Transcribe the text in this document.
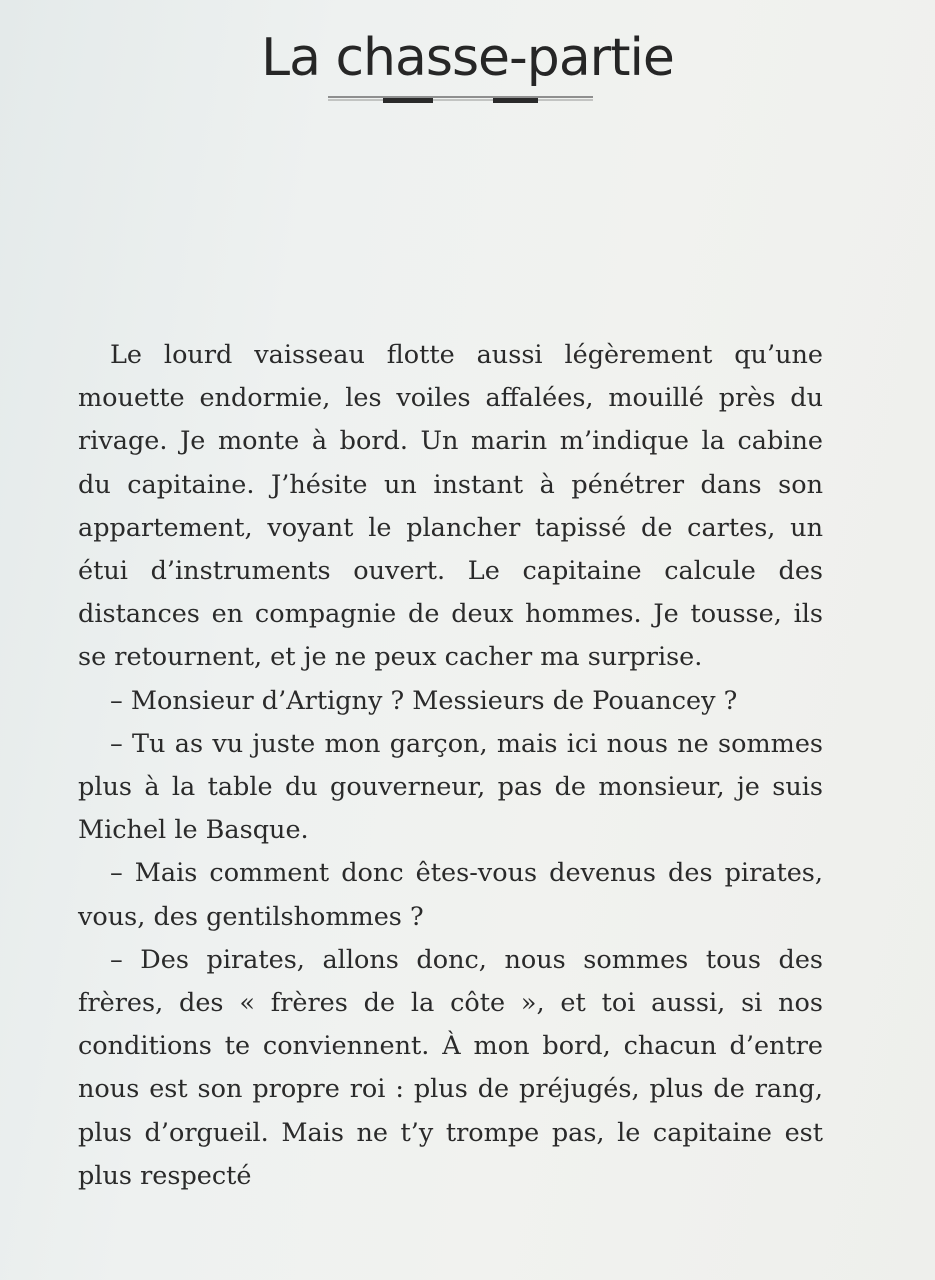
La chasse-partie

Le lourd vaisseau flotte aussi légèrement qu’une mouette endormie, les voiles affalées, mouillé près du rivage. Je monte à bord. Un marin m’indique la cabine du capitaine. J’hésite un instant à pénétrer dans son appartement, voyant le plancher tapissé de cartes, un étui d’instruments ouvert. Le capitaine calcule des distances en compagnie de deux hommes. Je tousse, ils se retournent, et je ne peux cacher ma surprise.

– Monsieur d’Artigny ? Messieurs de Pouancey ?

– Tu as vu juste mon garçon, mais ici nous ne sommes plus à la table du gouverneur, pas de monsieur, je suis Michel le Basque.

– Mais comment donc êtes-vous devenus des pirates, vous, des gentilshommes ?

– Des pirates, allons donc, nous sommes tous des frères, des « frères de la côte », et toi aussi, si nos conditions te conviennent. À mon bord, chacun d’entre nous est son propre roi : plus de préjugés, plus de rang, plus d’orgueil. Mais ne t’y trompe pas, le capitaine est plus respecté
